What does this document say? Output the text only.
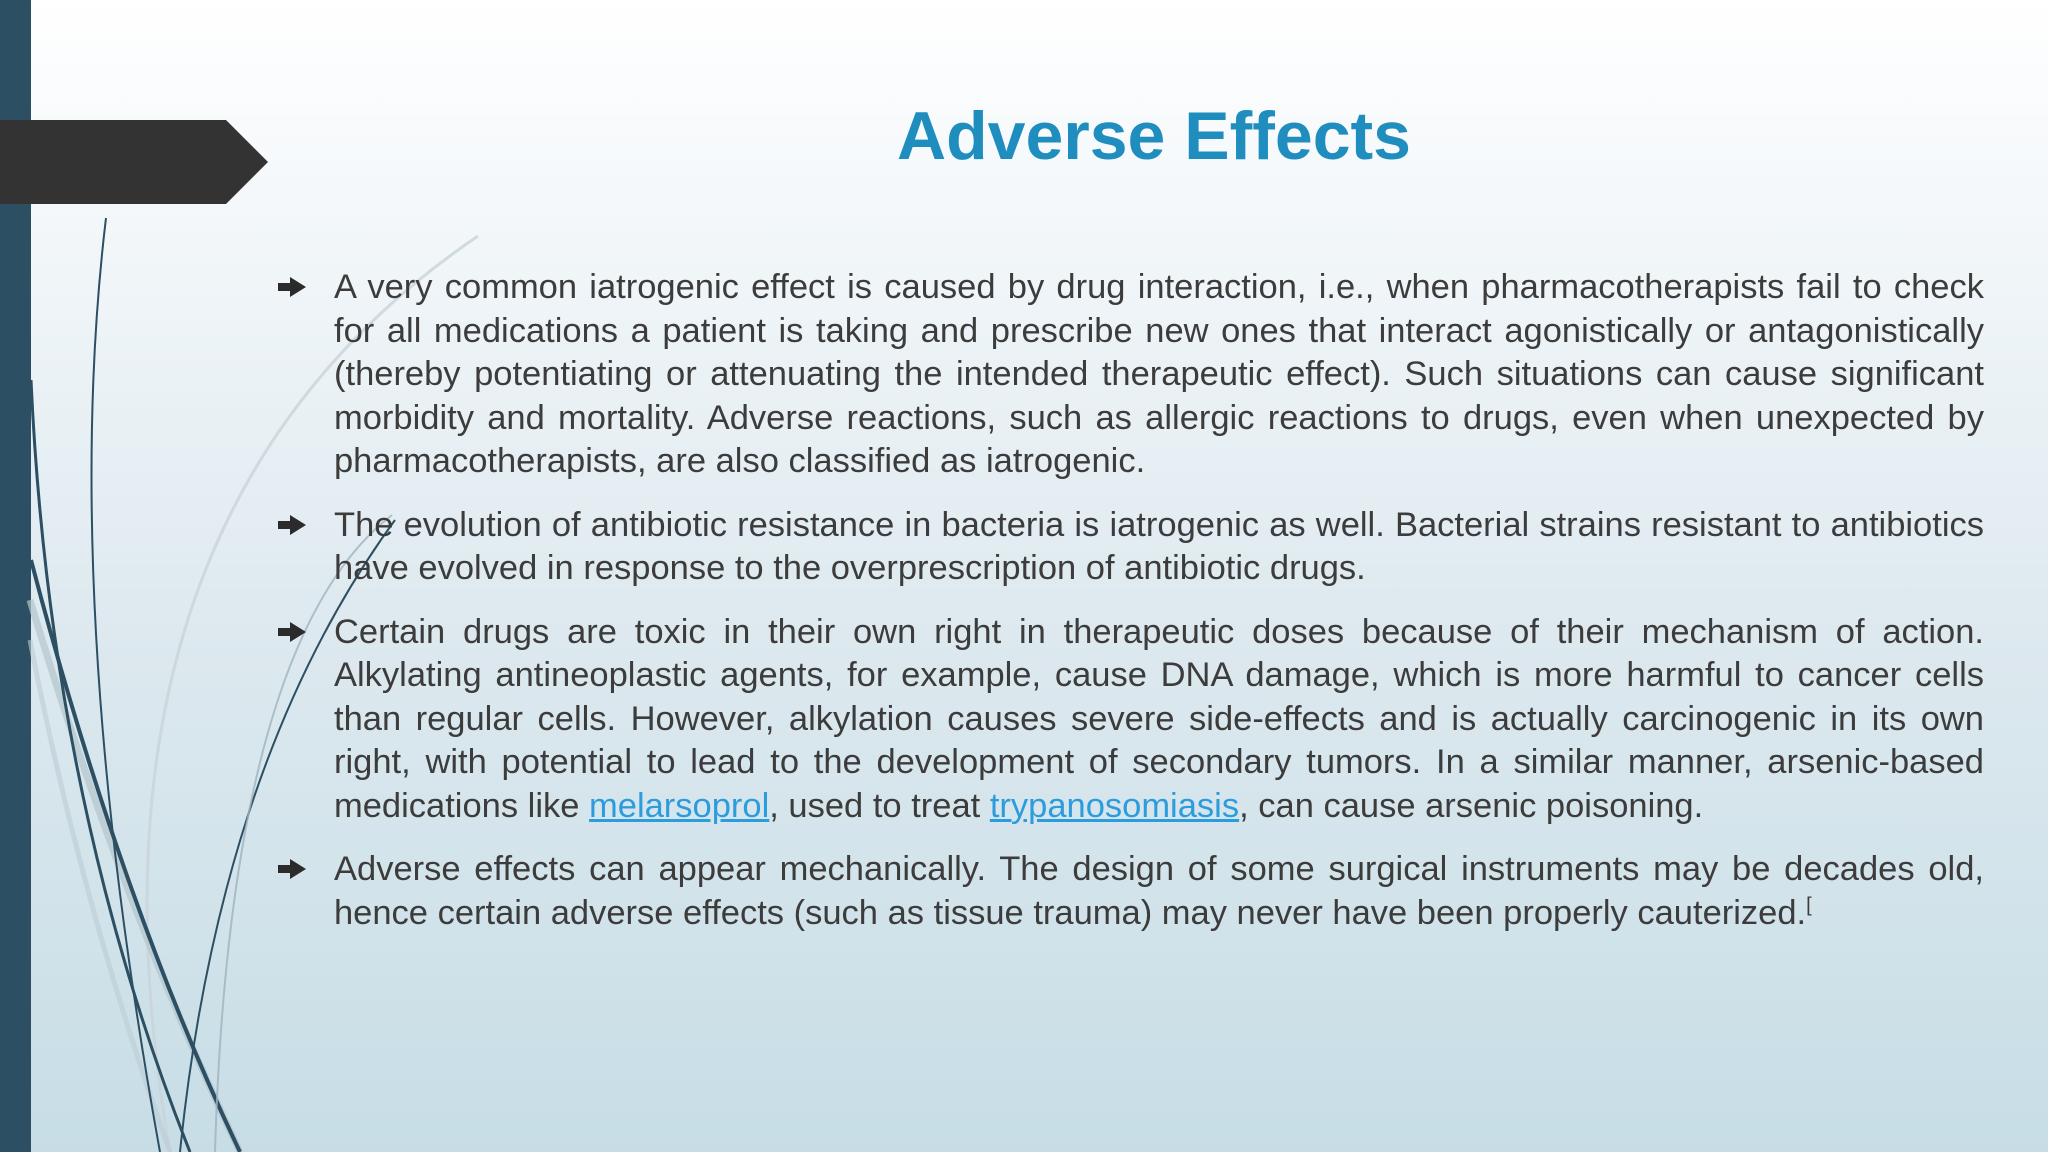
Adverse Effects
A very common iatrogenic effect is caused by drug interaction, i.e., when pharmacotherapists fail to check for all medications a patient is taking and prescribe new ones that interact agonistically or antagonistically (thereby potentiating or attenuating the intended therapeutic effect). Such situations can cause significant morbidity and mortality. Adverse reactions, such as allergic reactions to drugs, even when unexpected by pharmacotherapists, are also classified as iatrogenic.
The evolution of antibiotic resistance in bacteria is iatrogenic as well. Bacterial strains resistant to antibiotics have evolved in response to the overprescription of antibiotic drugs.
Certain drugs are toxic in their own right in therapeutic doses because of their mechanism of action. Alkylating antineoplastic agents, for example, cause DNA damage, which is more harmful to cancer cells than regular cells. However, alkylation causes severe side-effects and is actually carcinogenic in its own right, with potential to lead to the development of secondary tumors. In a similar manner, arsenic-based medications like melarsoprol, used to treat trypanosomiasis, can cause arsenic poisoning.
Adverse effects can appear mechanically. The design of some surgical instruments may be decades old, hence certain adverse effects (such as tissue trauma) may never have been properly cauterized.[
